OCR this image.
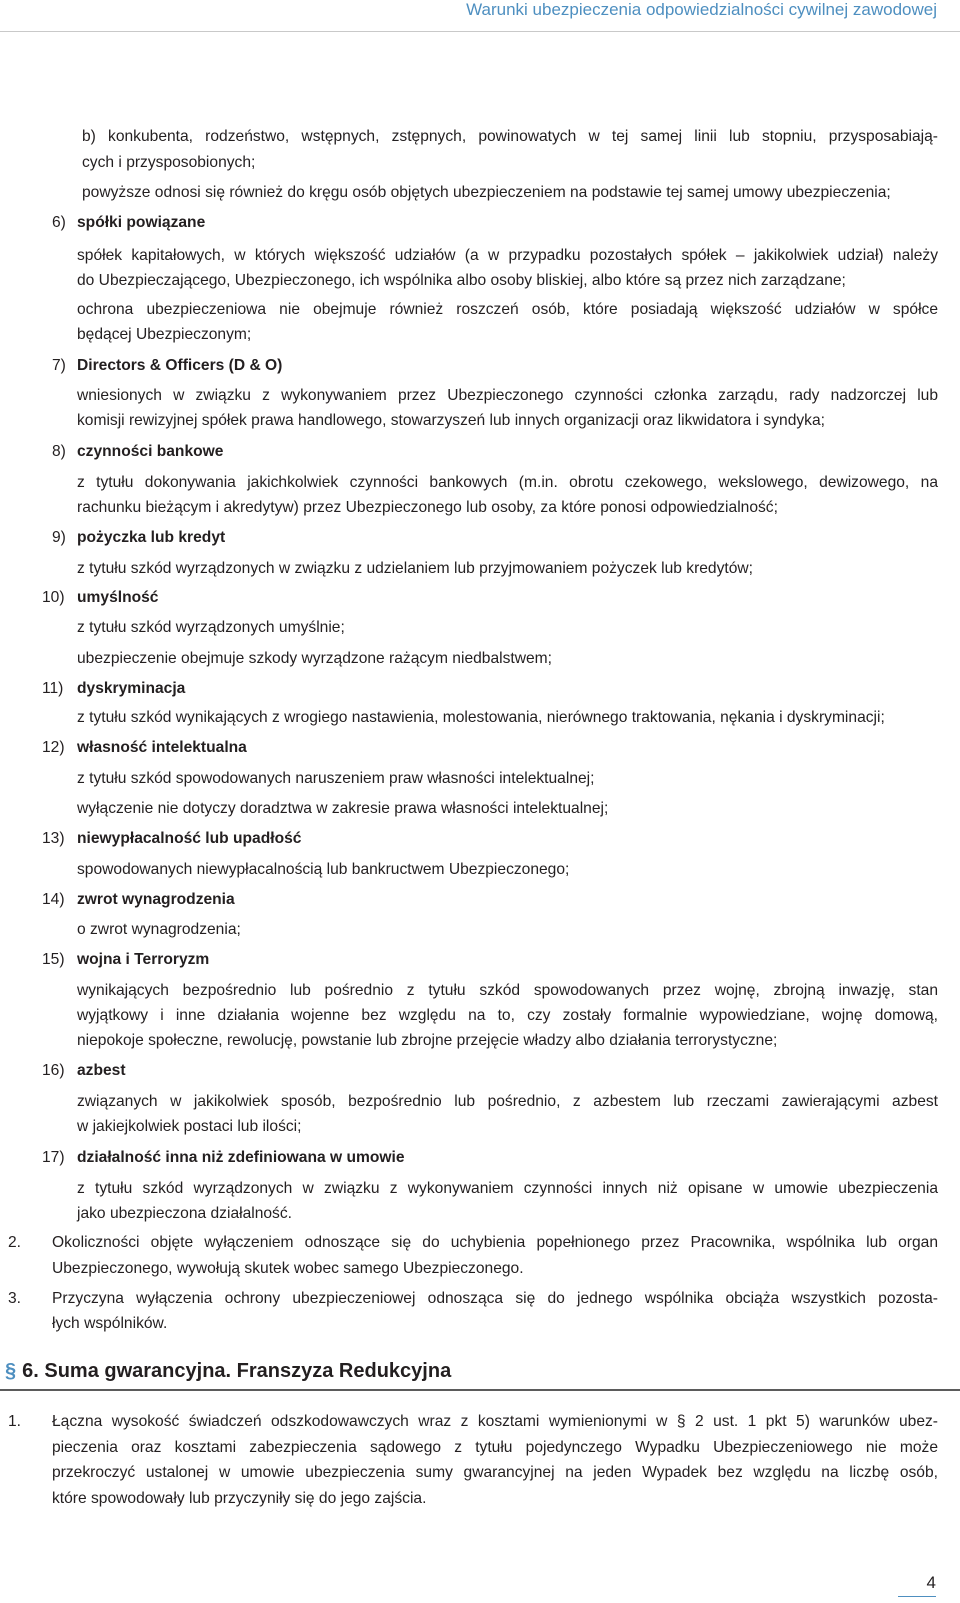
Warunki ubezpieczenia odpowiedzialności cywilnej zawodowej
b) konkubenta, rodzeństwo, wstępnych, zstępnych, powinowatych w tej samej linii lub stopniu, przysposabiają-
cych i przysposobionych;
powyższe odnosi się również do kręgu osób objętych ubezpieczeniem na podstawie tej samej umowy ubezpieczenia;
6) spółki powiązane
spółek kapitałowych, w których większość udziałów (a w przypadku pozostałych spółek – jakikolwiek udział) należy
do Ubezpieczającego, Ubezpieczonego, ich wspólnika albo osoby bliskiej, albo które są przez nich zarządzane;
ochrona ubezpieczeniowa nie obejmuje również roszczeń osób, które posiadają większość udziałów w spółce
będącej Ubezpieczonym;
7) Directors & Officers (D & O)
wniesionych w związku z wykonywaniem przez Ubezpieczonego czynności członka zarządu, rady nadzorczej lub
komisji rewizyjnej spółek prawa handlowego, stowarzyszeń lub innych organizacji oraz likwidatora i syndyka;
8) czynności bankowe
z tytułu dokonywania jakichkolwiek czynności bankowych (m.in. obrotu czekowego, wekslowego, dewizowego, na
rachunku bieżącym i akredytyw) przez Ubezpieczonego lub osoby, za które ponosi odpowiedzialność;
9) pożyczka lub kredyt
z tytułu szkód wyrządzonych w związku z udzielaniem lub przyjmowaniem pożyczek lub kredytów;
10) umyślność
z tytułu szkód wyrządzonych umyślnie;
ubezpieczenie obejmuje szkody wyrządzone rażącym niedbalstwem;
11) dyskryminacja
z tytułu szkód wynikających z wrogiego nastawienia, molestowania, nierównego traktowania, nękania i dyskryminacji;
12) własność intelektualna
z tytułu szkód spowodowanych naruszeniem praw własności intelektualnej;
wyłączenie nie dotyczy doradztwa w zakresie prawa własności intelektualnej;
13) niewypłacalność lub upadłość
spowodowanych niewypłacalnością lub bankructwem Ubezpieczonego;
14) zwrot wynagrodzenia
o zwrot wynagrodzenia;
15) wojna i Terroryzm
wynikających bezpośrednio lub pośrednio z tytułu szkód spowodowanych przez wojnę, zbrojną inwazję, stan
wyjątkowy i inne działania wojenne bez względu na to, czy zostały formalnie wypowiedziane, wojnę domową,
niepokoje społeczne, rewolucję, powstanie lub zbrojne przejęcie władzy albo działania terrorystyczne;
16) azbest
związanych w jakikolwiek sposób, bezpośrednio lub pośrednio, z azbestem lub rzeczami zawierającymi azbest
w jakiejkolwiek postaci lub ilości;
17) działalność inna niż zdefiniowana w umowie
z tytułu szkód wyrządzonych w związku z wykonywaniem czynności innych niż opisane w umowie ubezpieczenia
jako ubezpieczona działalność.
2. Okoliczności objęte wyłączeniem odnoszące się do uchybienia popełnionego przez Pracownika, wspólnika lub organ
Ubezpieczonego, wywołują skutek wobec samego Ubezpieczonego.
3. Przyczyna wyłączenia ochrony ubezpieczeniowej odnosząca się do jednego wspólnika obciąża wszystkich pozosta-
łych wspólników.
§ 6. Suma gwarancyjna. Franszyza Redukcyjna
1. Łączna wysokość świadczeń odszkodowawczych wraz z kosztami wymienionymi w § 2 ust. 1 pkt 5) warunków ubez-
pieczenia oraz kosztami zabezpieczenia sądowego z tytułu pojedynczego Wypadku Ubezpieczeniowego nie może
przekroczyć ustalonej w umowie ubezpieczenia sumy gwarancyjnej na jeden Wypadek bez względu na liczbę osób,
które spowodowały lub przyczyniły się do jego zajścia.
4
